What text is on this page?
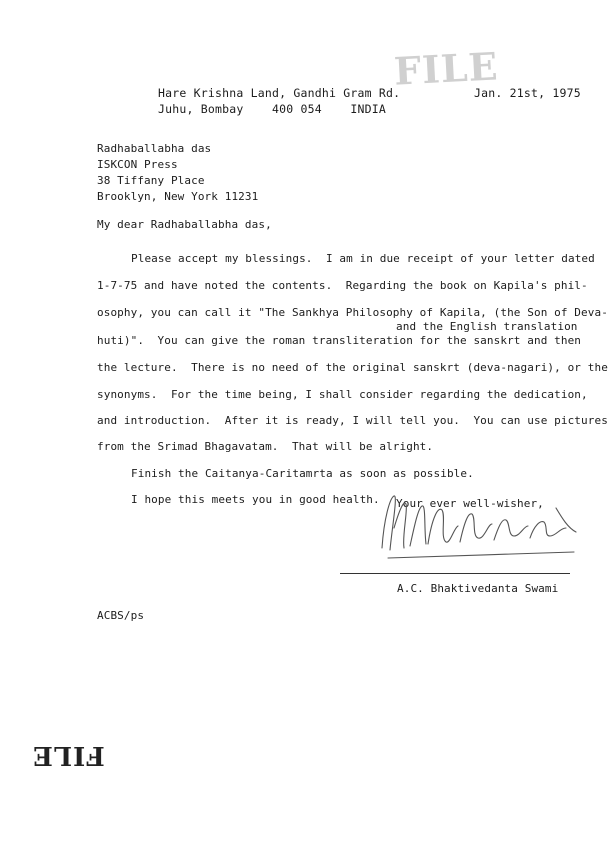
FILE
Hare Krishna Land, Gandhi Gram Rd.
Juhu, Bombay    400 054    INDIA
Jan. 21st, 1975
Radhaballabha das
ISKCON Press
38 Tiffany Place
Brooklyn, New York 11231
My dear Radhaballabha das,
Please accept my blessings.  I am in due receipt of your letter dated
1-7-75 and have noted the contents.  Regarding the book on Kapila's phil-
osophy, you can call it "The Sankhya Philosophy of Kapila, (the Son of Deva-
and the English translation
huti)".  You can give the roman transliteration for the sanskrt and then
the lecture.  There is no need of the original sanskrt (deva-nagari), or the
synonyms.  For the time being, I shall consider regarding the dedication,
and introduction.  After it is ready, I will tell you.  You can use pictures
from the Srimad Bhagavatam.  That will be alright.
Finish the Caitanya-Caritamrta as soon as possible.
I hope this meets you in good health. Your ever well-wisher,
A.C. Bhaktivedanta Swami
ACBS/ps
FILE
